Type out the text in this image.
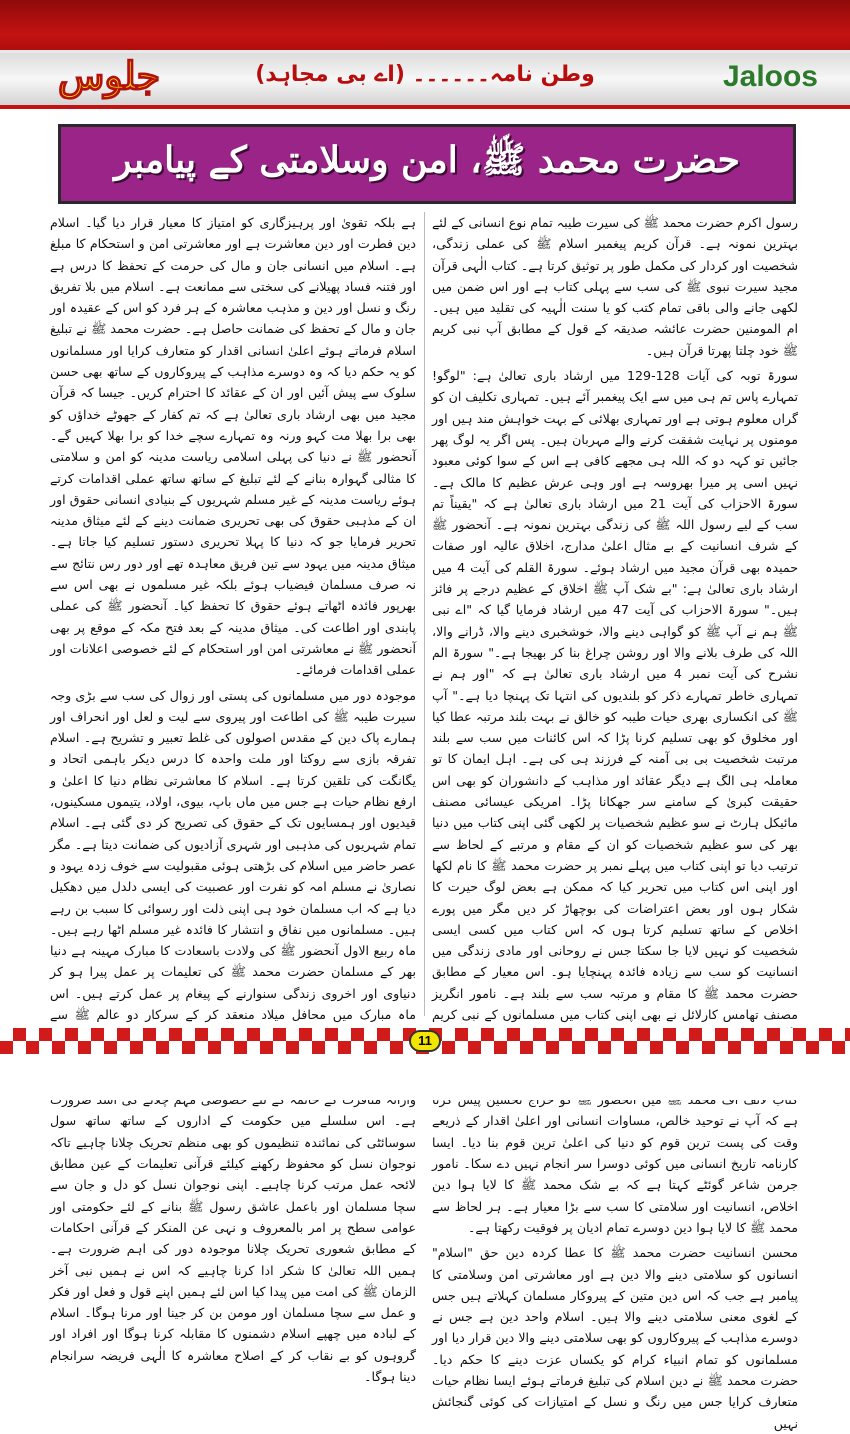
جلوس	وطن نامہ۔۔۔۔۔۔ (اے بی مجاہد)	Jaloos
حضرت محمد ﷺ، امن وسلامتی کے پیامبر

رسول اکرم حضرت محمد ﷺ کی سیرت طیبہ تمام نوع انسانی کے لئے بہترین نمونہ ہے۔ قرآن کریم پیغمبر اسلام ﷺ کی عملی زندگی، شخصیت اور کردار کی مکمل طور پر توثیق کرتا ہے۔ کتاب الٰہی قرآن مجید سیرت نبوی ﷺ کی سب سے پہلی کتاب ہے اور اس ضمن میں لکھی جانے والی باقی تمام کتب کو یا سنت الٰہیہ کی تقلید میں ہیں۔ ام المومنین حضرت عائشہ صدیقہ کے قول کے مطابق آپ نبی کریم ﷺ خود چلتا پھرتا قرآن ہیں۔

سورۃ توبہ کی آیات 128-129 میں ارشاد باری تعالیٰ ہے: "لوگو! تمہارے پاس تم ہی میں سے ایک پیغمبر آئے ہیں۔ تمہاری تکلیف ان کو گراں معلوم ہوتی ہے اور تمہاری بھلائی کے بہت خواہش مند ہیں اور مومنوں پر نہایت شفقت کرنے والے مہربان ہیں۔ پس اگر یہ لوگ پھر جائیں تو کہہ دو کہ اللہ ہی مجھے کافی ہے اس کے سوا کوئی معبود نہیں اسی پر میرا بھروسہ ہے اور وہی عرش عظیم کا مالک ہے۔ سورۃ الاحزاب کی آیت 21 میں ارشاد باری تعالیٰ ہے کہ "یقیناً تم سب کے لیے رسول اللہ ﷺ کی زندگی بہترین نمونہ ہے۔ آنحضور ﷺ کے شرف انسانیت کے بے مثال اعلیٰ مدارج، اخلاق عالیہ اور صفات حمیدہ بھی قرآن مجید میں ارشاد ہوئے۔ سورۃ القلم کی آیت 4 میں ارشاد باری تعالیٰ ہے: "بے شک آپ ﷺ اخلاق کے عظیم درجے پر فائز ہیں۔" سورۃ الاحزاب کی آیت 47 میں ارشاد فرمایا گیا کہ "اے نبی ﷺ ہم نے آپ ﷺ کو گواہی دینے والا، خوشخبری دینے والا، ڈرانے والا، اللہ کی طرف بلانے والا اور روشن چراغ بنا کر بھیجا ہے۔" سورۃ الم نشرح کی آیت نمبر 4 میں ارشاد باری تعالیٰ ہے کہ "اور ہم نے تمہاری خاطر تمہارے ذکر کو بلندیوں کی انتہا تک پہنچا دیا ہے۔" آپ ﷺ کی انکساری بھری حیات طیبہ کو خالق نے بہت بلند مرتبہ عطا کیا اور مخلوق کو بھی تسلیم کرنا پڑا کہ اس کائنات میں سب سے بلند مرتبت شخصیت بی بی آمنہ کے فرزند ہی کی ہے۔ اہل ایمان کا تو معاملہ ہی الگ ہے دیگر عقائد اور مذاہب کے دانشوران کو بھی اس حقیقت کبریٰ کے سامنے سر جھکانا پڑا۔ امریکی عیسائی مصنف مائیکل ہارٹ نے سو عظیم شخصیات پر لکھی گئی اپنی کتاب میں دنیا بھر کی سو عظیم شخصیات کو ان کے مقام و مرتبے کے لحاظ سے ترتیب دیا تو اپنی کتاب میں پہلے نمبر پر حضرت محمد ﷺ کا نام لکھا اور اپنی اس کتاب میں تحریر کیا کہ ممکن ہے بعض لوگ حیرت کا شکار ہوں اور بعض اعتراضات کی بوچھاڑ کر دیں مگر میں پورے اخلاص کے ساتھ تسلیم کرتا ہوں کہ اس کتاب میں کسی ایسی شخصیت کو نہیں لایا جا سکتا جس نے روحانی اور مادی زندگی میں انسانیت کو سب سے زیادہ فائدہ پہنچایا ہو۔ اس معیار کے مطابق حضرت محمد ﷺ کا مقام و مرتبہ سب سے بلند ہے۔ نامور انگریز مصنف تھامس کارلائل نے بھی اپنی کتاب میں مسلمانوں کے نبی کریم ہے کہ آپ نے توحید خالص، مساوات انسانی اور اعلیٰ اقدار کے ذریعے وقت کی پست ترین قوم کو دنیا کی اعلیٰ ترین قوم بنا دیا۔ ایسا کارنامہ تاریخ انسانی میں کوئی دوسرا سر انجام نہیں دے سکا۔ نامور جرمن شاعر گوئٹے کہتا ہے کہ بے شک محمد ﷺ کا لایا ہوا دین اخلاص، انسانیت اور سلامتی کا سب سے بڑا معیار ہے۔ ہر لحاظ سے محمد ﷺ کا لایا ہوا دین دوسرے تمام ادیان پر فوقیت رکھتا ہے۔

محسن انسانیت حضرت محمد ﷺ کا عطا کردہ دین حق "اسلام" انسانوں کو سلامتی دینے والا دین ہے اور معاشرتی امن وسلامتی کا پیامبر ہے جب کہ اس دین متین کے پیروکار مسلمان کہلاتے ہیں جس کے لغوی معنی سلامتی دینے والا ہیں۔ اسلام واحد دین ہے جس نے دوسرے مذاہب کے پیروکاروں کو بھی سلامتی دینے والا دین قرار دیا اور مسلمانوں کو تمام انبیاء کرام کو یکساں عزت دینے کا حکم دیا۔ حضرت محمد ﷺ نے دین اسلام کی تبلیغ فرماتے ہوئے ایسا نظام حیات متعارف کرایا جس میں رنگ و نسل کے امتیازات کی کوئی گنجائش نہیں

ہے بلکہ تقویٰ اور پرہیزگاری کو امتیاز کا معیار قرار دیا گیا۔ اسلام دین فطرت اور دین معاشرت ہے اور معاشرتی امن و استحکام کا مبلغ ہے۔ اسلام میں انسانی جان و مال کی حرمت کے تحفظ کا درس ہے اور فتنہ فساد پھیلانے کی سختی سے ممانعت ہے۔ اسلام میں بلا تفریق رنگ و نسل اور دین و مذہب معاشرہ کے ہر فرد کو اس کے عقیدہ اور جان و مال کے تحفظ کی ضمانت حاصل ہے۔ حضرت محمد ﷺ نے تبلیغ اسلام فرماتے ہوئے اعلیٰ انسانی اقدار کو متعارف کرایا اور مسلمانوں کو یہ حکم دیا کہ وہ دوسرے مذاہب کے پیروکاروں کے ساتھ بھی حسن سلوک سے پیش آئیں اور ان کے عقائد کا احترام کریں۔ جیسا کہ قرآن مجید میں بھی ارشاد باری تعالیٰ ہے کہ تم کفار کے جھوٹے خداؤں کو بھی برا بھلا مت کہو ورنہ وہ تمہارے سچے خدا کو برا بھلا کہیں گے۔ آنحضور ﷺ نے دنیا کی پہلی اسلامی ریاست مدینہ کو امن و سلامتی کا مثالی گہوارہ بنانے کے لئے تبلیغ کے ساتھ ساتھ عملی اقدامات کرتے ہوئے ریاست مدینہ کے غیر مسلم شہریوں کے بنیادی انسانی حقوق اور ان کے مذہبی حقوق کی بھی تحریری ضمانت دینے کے لئے میثاق مدینہ تحریر فرمایا جو کہ دنیا کا پہلا تحریری دستور تسلیم کیا جاتا ہے۔ میثاق مدینہ میں یہود سے تین فریق معاہدہ تھے اور دور رس نتائج سے نہ صرف مسلمان فیضیاب ہوئے بلکہ غیر مسلموں نے بھی اس سے بھرپور فائدہ اٹھاتے ہوئے حقوق کا تحفظ کیا۔ آنحضور ﷺ کی عملی پابندی اور اطاعت کی۔ میثاق مدینہ کے بعد فتح مکہ کے موقع پر بھی آنحضور ﷺ نے معاشرتی امن اور استحکام کے لئے خصوصی اعلانات اور عملی اقدامات فرمائے۔

موجودہ دور میں مسلمانوں کی پستی اور زوال کی سب سے بڑی وجہ سیرت طیبہ ﷺ کی اطاعت اور پیروی سے لیت و لعل اور انحراف اور ہمارے پاک دین کے مقدس اصولوں کی غلط تعبیر و تشریح ہے۔ اسلام تفرقہ بازی سے روکتا اور ملت واحدہ کا درس دیکر باہمی اتحاد و یگانگت کی تلقین کرتا ہے۔ اسلام کا معاشرتی نظام دنیا کا اعلیٰ و ارفع نظام حیات ہے جس میں ماں باپ، بیوی، اولاد، یتیموں مسکینوں، قیدیوں اور ہمسایوں تک کے حقوق کی تصریح کر دی گئی ہے۔ اسلام تمام شہریوں کی مذہبی اور شہری آزادیوں کی ضمانت دیتا ہے۔ مگر عصر حاضر میں اسلام کی بڑھتی ہوئی مقبولیت سے خوف زدہ یہود و نصاریٰ نے مسلم امہ کو نفرت اور عصبیت کی ایسی دلدل میں دھکیل دیا ہے کہ اب مسلمان خود ہی اپنی ذلت اور رسوائی کا سبب بن رہے ہیں۔ مسلمانوں میں نفاق و انتشار کا فائدہ غیر مسلم اٹھا رہے ہیں۔ ماہ ربیع الاول آنحضور ﷺ کی ولادت باسعادت کا مبارک مہینہ ہے دنیا بھر کے مسلمان حضرت محمد ﷺ کی تعلیمات پر عمل پیرا ہو کر دنیاوی اور اخروی زندگی سنوارنے کے پیغام پر عمل کرتے ہیں۔ اس ماہ مبارک میں محافل میلاد منعقد کر کے سرکار دو عالم ﷺ سے ہے۔ اس سلسلے میں حکومت کے اداروں کے ساتھ ساتھ سول سوسائٹی کی نمائندہ تنظیموں کو بھی منظم تحریک چلانا چاہیے تاکہ نوجوان نسل کو محفوظ رکھنے کیلئے قرآنی تعلیمات کے عین مطابق لائحہ عمل مرتب کرنا چاہیے۔ اپنی نوجوان نسل کو دل و جان سے سچا مسلمان اور باعمل عاشق رسول ﷺ بنانے کے لئے حکومتی اور عوامی سطح پر امر بالمعروف و نہی عن المنکر کے قرآنی احکامات کے مطابق شعوری تحریک چلانا موجودہ دور کی اہم ضرورت ہے۔ ہمیں اللہ تعالیٰ کا شکر ادا کرنا چاہیے کہ اس نے ہمیں نبی آخر الزمان ﷺ کی امت میں پیدا کیا اس لئے ہمیں اپنے قول و فعل اور فکر و عمل سے سچا مسلمان اور مومن بن کر جینا اور مرنا ہوگا۔ اسلام کے لبادہ میں چھپے اسلام دشمنوں کا مقابلہ کرنا ہوگا اور افراد اور گروہوں کو بے نقاب کر کے اصلاح معاشرہ کا الٰہی فریضہ سرانجام دینا ہوگا۔

11
